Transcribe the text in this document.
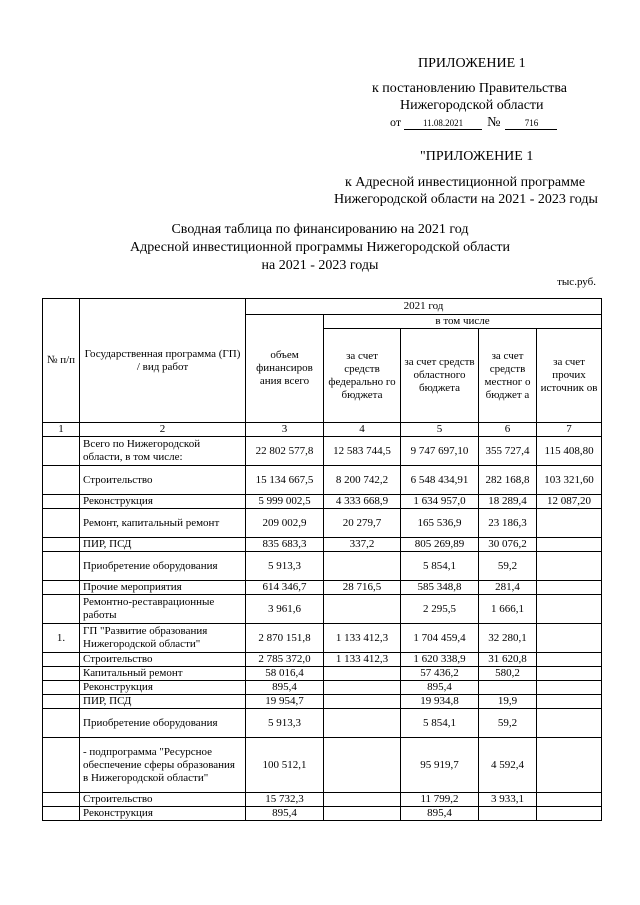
ПРИЛОЖЕНИЕ 1
к постановлению Правительства
Нижегородской области
от 11.08.2021 №	716
"ПРИЛОЖЕНИЕ 1
к Адресной инвестиционной программе
Нижегородской области на 2021 - 2023 годы
Сводная таблица по финансированию на 2021 год
Адресной инвестиционной программы Нижегородской области
на 2021 - 2023 годы
тыс.руб.
№ п/п	Государственная программа (ГП) / вид работ	2021 год				
		объем финансиров ания всего	в том числе			
			за счет средств федерально го бюджета	за счет средств областного бюджета	за счет средств местног о бюджет а	за счет прочих источник ов
1	2	3	4	5	6	7
	Всего по Нижегородской области, в том числе:	22 802 577,8	12 583 744,5	9 747 697,10	355 727,4	115 408,80
	Строительство	15 134 667,5	8 200 742,2	6 548 434,91	282 168,8	103 321,60
	Реконструкция	5 999 002,5	4 333 668,9	1 634 957,0	18 289,4	12 087,20
	Ремонт, капитальный ремонт	209 002,9	20 279,7	165 536,9	23 186,3	
	ПИР, ПСД	835 683,3	337,2	805 269,89	30 076,2	
	Приобретение оборудования	5 913,3		5 854,1	59,2	
	Прочие мероприятия	614 346,7	28 716,5	585 348,8	281,4	
	Ремонтно-реставрационные работы	3 961,6		2 295,5	1 666,1	
1.	ГП "Развитие образования Нижегородской области"	2 870 151,8	1 133 412,3	1 704 459,4	32 280,1	
	Строительство	2 785 372,0	1 133 412,3	1 620 338,9	31 620,8	
	Капитальный ремонт	58 016,4		57 436,2	580,2	
	Реконструкция	895,4		895,4		
	ПИР, ПСД	19 954,7		19 934,8	19,9	
	Приобретение оборудования	5 913,3		5 854,1	59,2	
	- подпрограмма "Ресурсное обеспечение сферы образования в Нижегородской области"	100 512,1		95 919,7	4 592,4	
	Строительство	15 732,3		11 799,2	3 933,1	
	Реконструкция	895,4		895,4		
